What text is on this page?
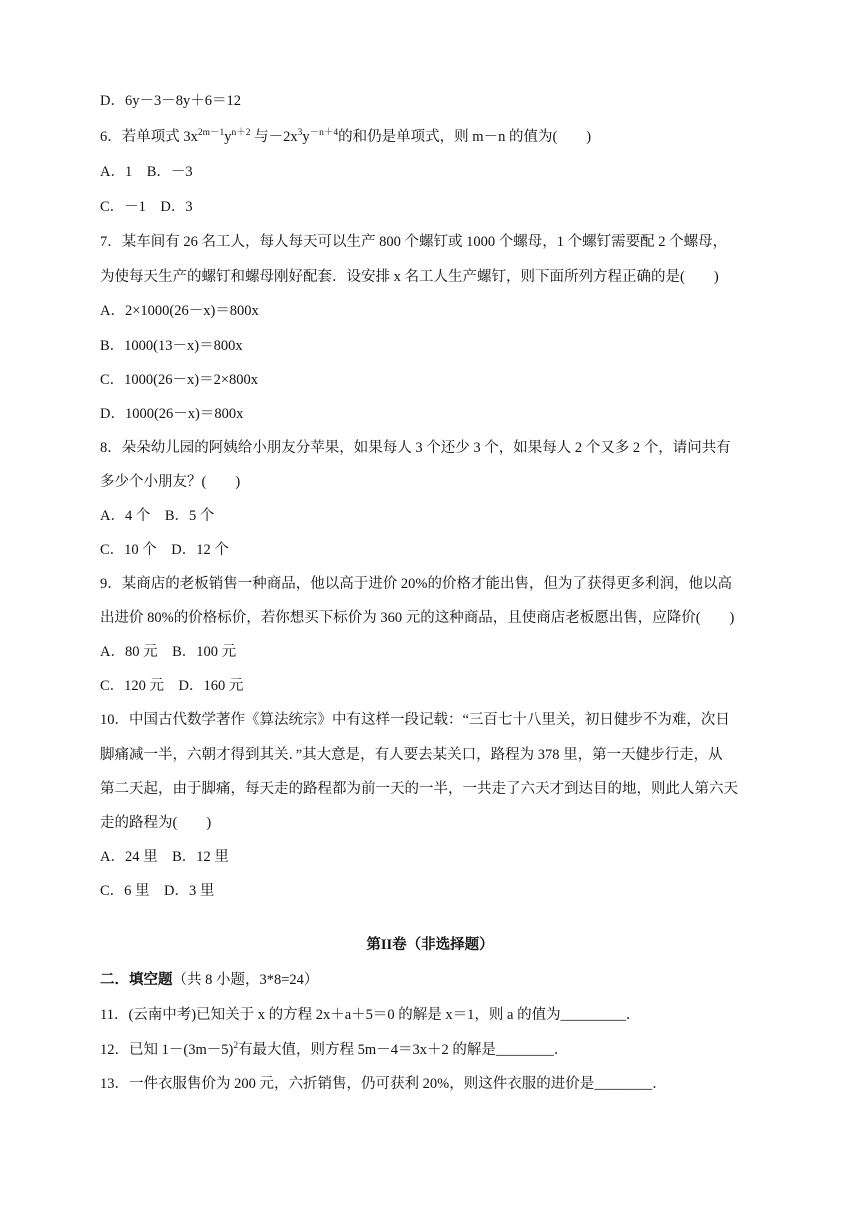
D．6y－3－8y＋6＝12
6．若单项式 $3x^{2m-1}y^{n+2}$ 与$-2x^3y^{-n+4}$的和仍是单项式，则 m－n 的值为(　　)
A．1　B．－3
C．－1　D．3
7．某车间有 26 名工人，每人每天可以生产 800 个螺钉或 1000 个螺母，1 个螺钉需要配 2 个螺母，
为使每天生产的螺钉和螺母刚好配套．设安排 x 名工人生产螺钉，则下面所列方程正确的是(　　)
A．2×1000(26－x)＝800x
B．1000(13－x)＝800x
C．1000(26－x)＝2×800x
D．1000(26－x)＝800x
8．朵朵幼儿园的阿姨给小朋友分苹果，如果每人 3 个还少 3 个，如果每人 2 个又多 2 个，请问共有
多少个小朋友？(　　)
A．4 个　B．5 个
C．10 个　D．12 个
9．某商店的老板销售一种商品，他以高于进价 20%的价格才能出售，但为了获得更多利润，他以高
出进价 80%的价格标价，若你想买下标价为 360 元的这种商品，且使商店老板愿出售，应降价(　　)
A．80 元　B．100 元
C．120 元　D．160 元
10．中国古代数学著作《算法统宗》中有这样一段记载：“三百七十八里关，初日健步不为难，次日
脚痛减一半，六朝才得到其关．”其大意是，有人要去某关口，路程为 378 里，第一天健步行走，从
第二天起，由于脚痛，每天走的路程都为前一天的一半，一共走了六天才到达目的地，则此人第六天
走的路程为(　　)
A．24 里　B．12 里
C．6 里　D．3 里
第II卷（非选择题）
二．填空题（共 8 小题，3*8=24）
11．(云南中考)已知关于 x 的方程 2x＋a＋5＝0 的解是 x＝1，则 a 的值为_________．
12．已知 $1-(3m-5)^2$有最大值，则方程 5m－4＝3x＋2 的解是________．
13．一件衣服售价为 200 元，六折销售，仍可获利 20%，则这件衣服的进价是________．
